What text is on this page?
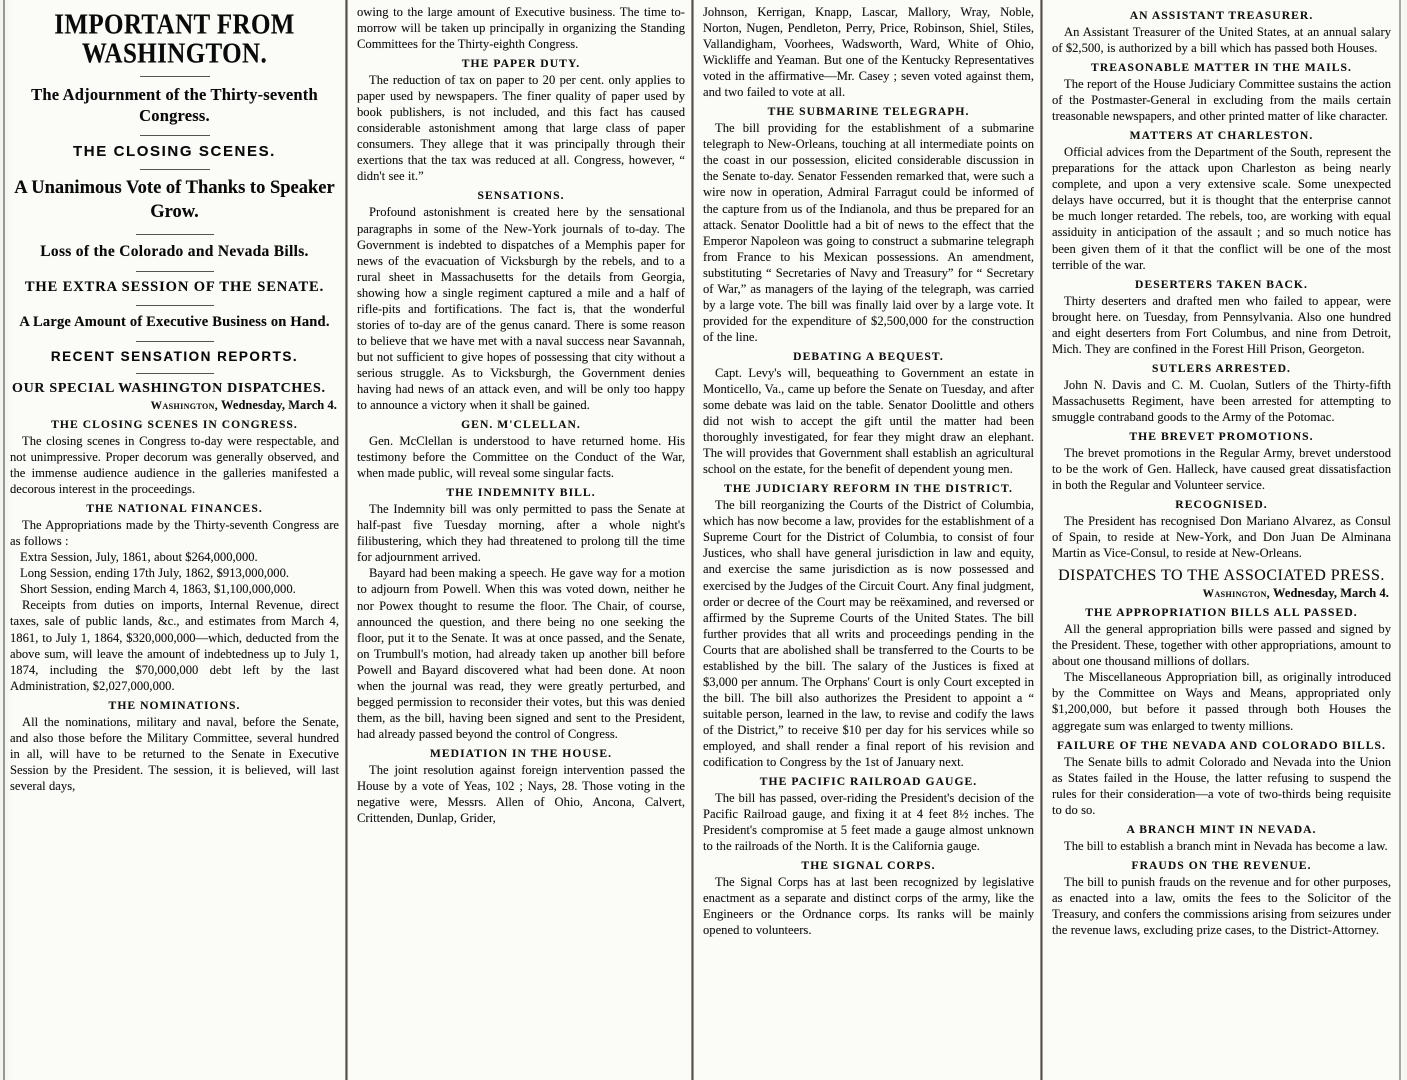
IMPORTANT FROM WASHINGTON.
The Adjournment of the Thirty-seventh Congress.
THE CLOSING SCENES.
A Unanimous Vote of Thanks to Speaker Grow.
Loss of the Colorado and Nevada Bills.
THE EXTRA SESSION OF THE SENATE.
A Large Amount of Executive Business on Hand.
RECENT SENSATION REPORTS.
OUR SPECIAL WASHINGTON DISPATCHES.
Washington, Wednesday, March 4.
THE CLOSING SCENES IN CONGRESS.

The closing scenes in Congress to-day were respectable, and not unimpressive. Proper decorum was generally observed, and the immense audience audience in the galleries manifested a decorous interest in the proceedings.

THE NATIONAL FINANCES.

The Appropriations made by the Thirty-seventh Congress are as follows :

Extra Session, July, 1861, about $264,000,000.

Long Session, ending 17th July, 1862, $913,000,000.

Short Session, ending March 4, 1863, $1,100,000,000.

Receipts from duties on imports, Internal Revenue, direct taxes, sale of public lands, &c., and estimates from March 4, 1861, to July 1, 1864, $320,000,000—which, deducted from the above sum, will leave the amount of indebtedness up to July 1, 1874, including the $70,000,000 debt left by the last Administration, $2,027,000,000.

THE NOMINATIONS.

All the nominations, military and naval, before the Senate, and also those before the Military Committee, several hundred in all, will have to be returned to the Senate in Executive Session by the President. The session, it is believed, will last several days,

owing to the large amount of Executive business. The time to-morrow will be taken up principally in organizing the Standing Committees for the Thirty-eighth Congress.

THE PAPER DUTY.

The reduction of tax on paper to 20 per cent. only applies to paper used by newspapers. The finer quality of paper used by book publishers, is not included, and this fact has caused considerable astonishment among that large class of paper consumers. They allege that it was principally through their exertions that the tax was reduced at all. Congress, however, “ didn't see it.”

SENSATIONS.

Profound astonishment is created here by the sensational paragraphs in some of the New-York journals of to-day. The Government is indebted to dispatches of a Memphis paper for news of the evacuation of Vicksburgh by the rebels, and to a rural sheet in Massachusetts for the details from Georgia, showing how a single regiment captured a mile and a half of rifle-pits and fortifications. The fact is, that the wonderful stories of to-day are of the genus canard. There is some reason to believe that we have met with a naval success near Savannah, but not sufficient to give hopes of possessing that city without a serious struggle. As to Vicksburgh, the Government denies having had news of an attack even, and will be only too happy to announce a victory when it shall be gained.

GEN. M'CLELLAN.

Gen. McClellan is understood to have returned home. His testimony before the Committee on the Conduct of the War, when made public, will reveal some singular facts.

THE INDEMNITY BILL.

The Indemnity bill was only permitted to pass the Senate at half-past five Tuesday morning, after a whole night's filibustering, which they had threatened to prolong till the time for adjournment arrived.

Bayard had been making a speech. He gave way for a motion to adjourn from Powell. When this was voted down, neither he nor Powex thought to resume the floor. The Chair, of course, announced the question, and there being no one seeking the floor, put it to the Senate. It was at once passed, and the Senate, on Trumbull's motion, had already taken up another bill before Powell and Bayard discovered what had been done. At noon when the journal was read, they were greatly perturbed, and begged permission to reconsider their votes, but this was denied them, as the bill, having been signed and sent to the President, had already passed beyond the control of Congress.

MEDIATION IN THE HOUSE.

The joint resolution against foreign intervention passed the House by a vote of Yeas, 102 ; Nays, 28. Those voting in the negative were, Messrs. Allen of Ohio, Ancona, Calvert, Crittenden, Dunlap, Grider,

Johnson, Kerrigan, Knapp, Lascar, Mallory, Wray, Noble, Norton, Nugen, Pendleton, Perry, Price, Robinson, Shiel, Stiles, Vallandigham, Voorhees, Wadsworth, Ward, White of Ohio, Wickliffe and Yeaman. But one of the Kentucky Representatives voted in the affirmative—Mr. Casey ; seven voted against them, and two failed to vote at all.

THE SUBMARINE TELEGRAPH.

The bill providing for the establishment of a submarine telegraph to New-Orleans, touching at all intermediate points on the coast in our possession, elicited considerable discussion in the Senate to-day. Senator Fessenden remarked that, were such a wire now in operation, Admiral Farragut could be informed of the capture from us of the Indianola, and thus be prepared for an attack. Senator Doolittle had a bit of news to the effect that the Emperor Napoleon was going to construct a submarine telegraph from France to his Mexican possessions. An amendment, substituting “ Secretaries of Navy and Treasury” for “ Secretary of War,” as managers of the laying of the telegraph, was carried by a large vote. The bill was finally laid over by a large vote. It provided for the expenditure of $2,500,000 for the construction of the line.

DEBATING A BEQUEST.

Capt. Levy's will, bequeathing to Government an estate in Monticello, Va., came up before the Senate on Tuesday, and after some debate was laid on the table. Senator Doolittle and others did not wish to accept the gift until the matter had been thoroughly investigated, for fear they might draw an elephant. The will provides that Government shall establish an agricultural school on the estate, for the benefit of dependent young men.

THE JUDICIARY REFORM IN THE DISTRICT.

The bill reorganizing the Courts of the District of Columbia, which has now become a law, provides for the establishment of a Supreme Court for the District of Columbia, to consist of four Justices, who shall have general jurisdiction in law and equity, and exercise the same jurisdiction as is now possessed and exercised by the Judges of the Circuit Court. Any final judgment, order or decree of the Court may be reëxamined, and reversed or affirmed by the Supreme Courts of the United States. The bill further provides that all writs and proceedings pending in the Courts that are abolished shall be transferred to the Courts to be established by the bill. The salary of the Justices is fixed at $3,000 per annum. The Orphans' Court is only Court excepted in the bill. The bill also authorizes the President to appoint a “ suitable person, learned in the law, to revise and codify the laws of the District,” to receive $10 per day for his services while so employed, and shall render a final report of his revision and codification to Congress by the 1st of January next.

THE PACIFIC RAILROAD GAUGE.

The bill has passed, over-riding the President's decision of the Pacific Railroad gauge, and fixing it at 4 feet 8½ inches. The President's compromise at 5 feet made a gauge almost unknown to the railroads of the North. It is the California gauge.

THE SIGNAL CORPS.

The Signal Corps has at last been recognized by legislative enactment as a separate and distinct corps of the army, like the Engineers or the Ordnance corps. Its ranks will be mainly opened to volunteers.

AN ASSISTANT TREASURER.

An Assistant Treasurer of the United States, at an annual salary of $2,500, is authorized by a bill which has passed both Houses.

TREASONABLE MATTER IN THE MAILS.

The report of the House Judiciary Committee sustains the action of the Postmaster-General in excluding from the mails certain treasonable newspapers, and other printed matter of like character.

MATTERS AT CHARLESTON.

Official advices from the Department of the South, represent the preparations for the attack upon Charleston as being nearly complete, and upon a very extensive scale. Some unexpected delays have occurred, but it is thought that the enterprise cannot be much longer retarded. The rebels, too, are working with equal assiduity in anticipation of the assault ; and so much notice has been given them of it that the conflict will be one of the most terrible of the war.

DESERTERS TAKEN BACK.

Thirty deserters and drafted men who failed to appear, were brought here. on Tuesday, from Pennsylvania. Also one hundred and eight deserters from Fort Columbus, and nine from Detroit, Mich. They are confined in the Forest Hill Prison, Georgeton.

SUTLERS ARRESTED.

John N. Davis and C. M. Cuolan, Sutlers of the Thirty-fifth Massachusetts Regiment, have been arrested for attempting to smuggle contraband goods to the Army of the Potomac.

THE BREVET PROMOTIONS.

The brevet promotions in the Regular Army, brevet understood to be the work of Gen. Halleck, have caused great dissatisfaction in both the Regular and Volunteer service.

RECOGNISED.

The President has recognised Don Mariano Alvarez, as Consul of Spain, to reside at New-York, and Don Juan De Alminana Martin as Vice-Consul, to reside at New-Orleans.

DISPATCHES TO THE ASSOCIATED PRESS.
Washington, Wednesday, March 4.
THE APPROPRIATION BILLS ALL PASSED.

All the general appropriation bills were passed and signed by the President. These, together with other appropriations, amount to about one thousand millions of dollars.

The Miscellaneous Appropriation bill, as originally introduced by the Committee on Ways and Means, appropriated only $1,200,000, but before it passed through both Houses the aggregate sum was enlarged to twenty millions.

FAILURE OF THE NEVADA AND COLORADO BILLS.

The Senate bills to admit Colorado and Nevada into the Union as States failed in the House, the latter refusing to suspend the rules for their consideration—a vote of two-thirds being requisite to do so.

A BRANCH MINT IN NEVADA.

The bill to establish a branch mint in Nevada has become a law.

FRAUDS ON THE REVENUE.

The bill to punish frauds on the revenue and for other purposes, as enacted into a law, omits the fees to the Solicitor of the Treasury, and confers the commissions arising from seizures under the revenue laws, excluding prize cases, to the District-Attorney.
